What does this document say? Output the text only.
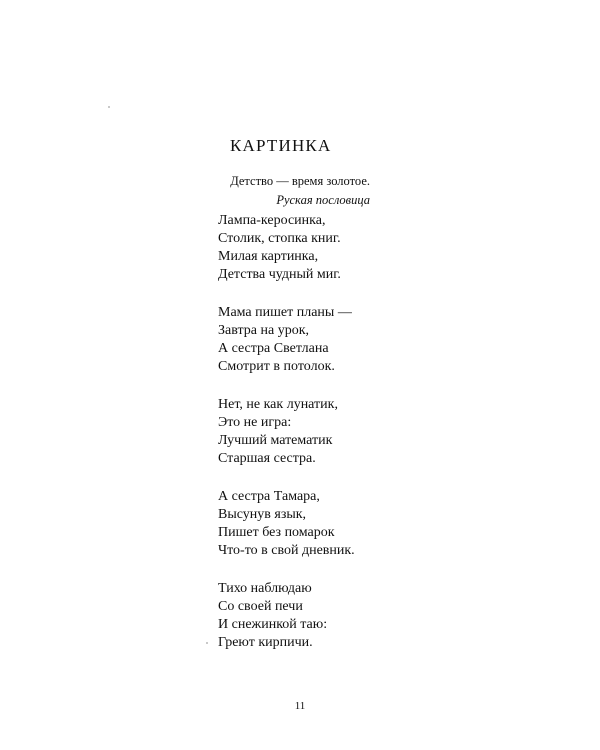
КАРТИНКА
Детство — время золотое.
Руская пословица
Лампа-керосинка,
Столик, стопка книг.
Милая картинка,
Детства чудный миг.
Мама пишет планы —
Завтра на урок,
А сестра Светлана
Смотрит в потолок.
Нет, не как лунатик,
Это не игра:
Лучший математик
Старшая сестра.
А сестра Тамара,
Высунув язык,
Пишет без помарок
Что-то в свой дневник.
Тихо наблюдаю
Со своей печи
И снежинкой таю:
Греют кирпичи.
11
